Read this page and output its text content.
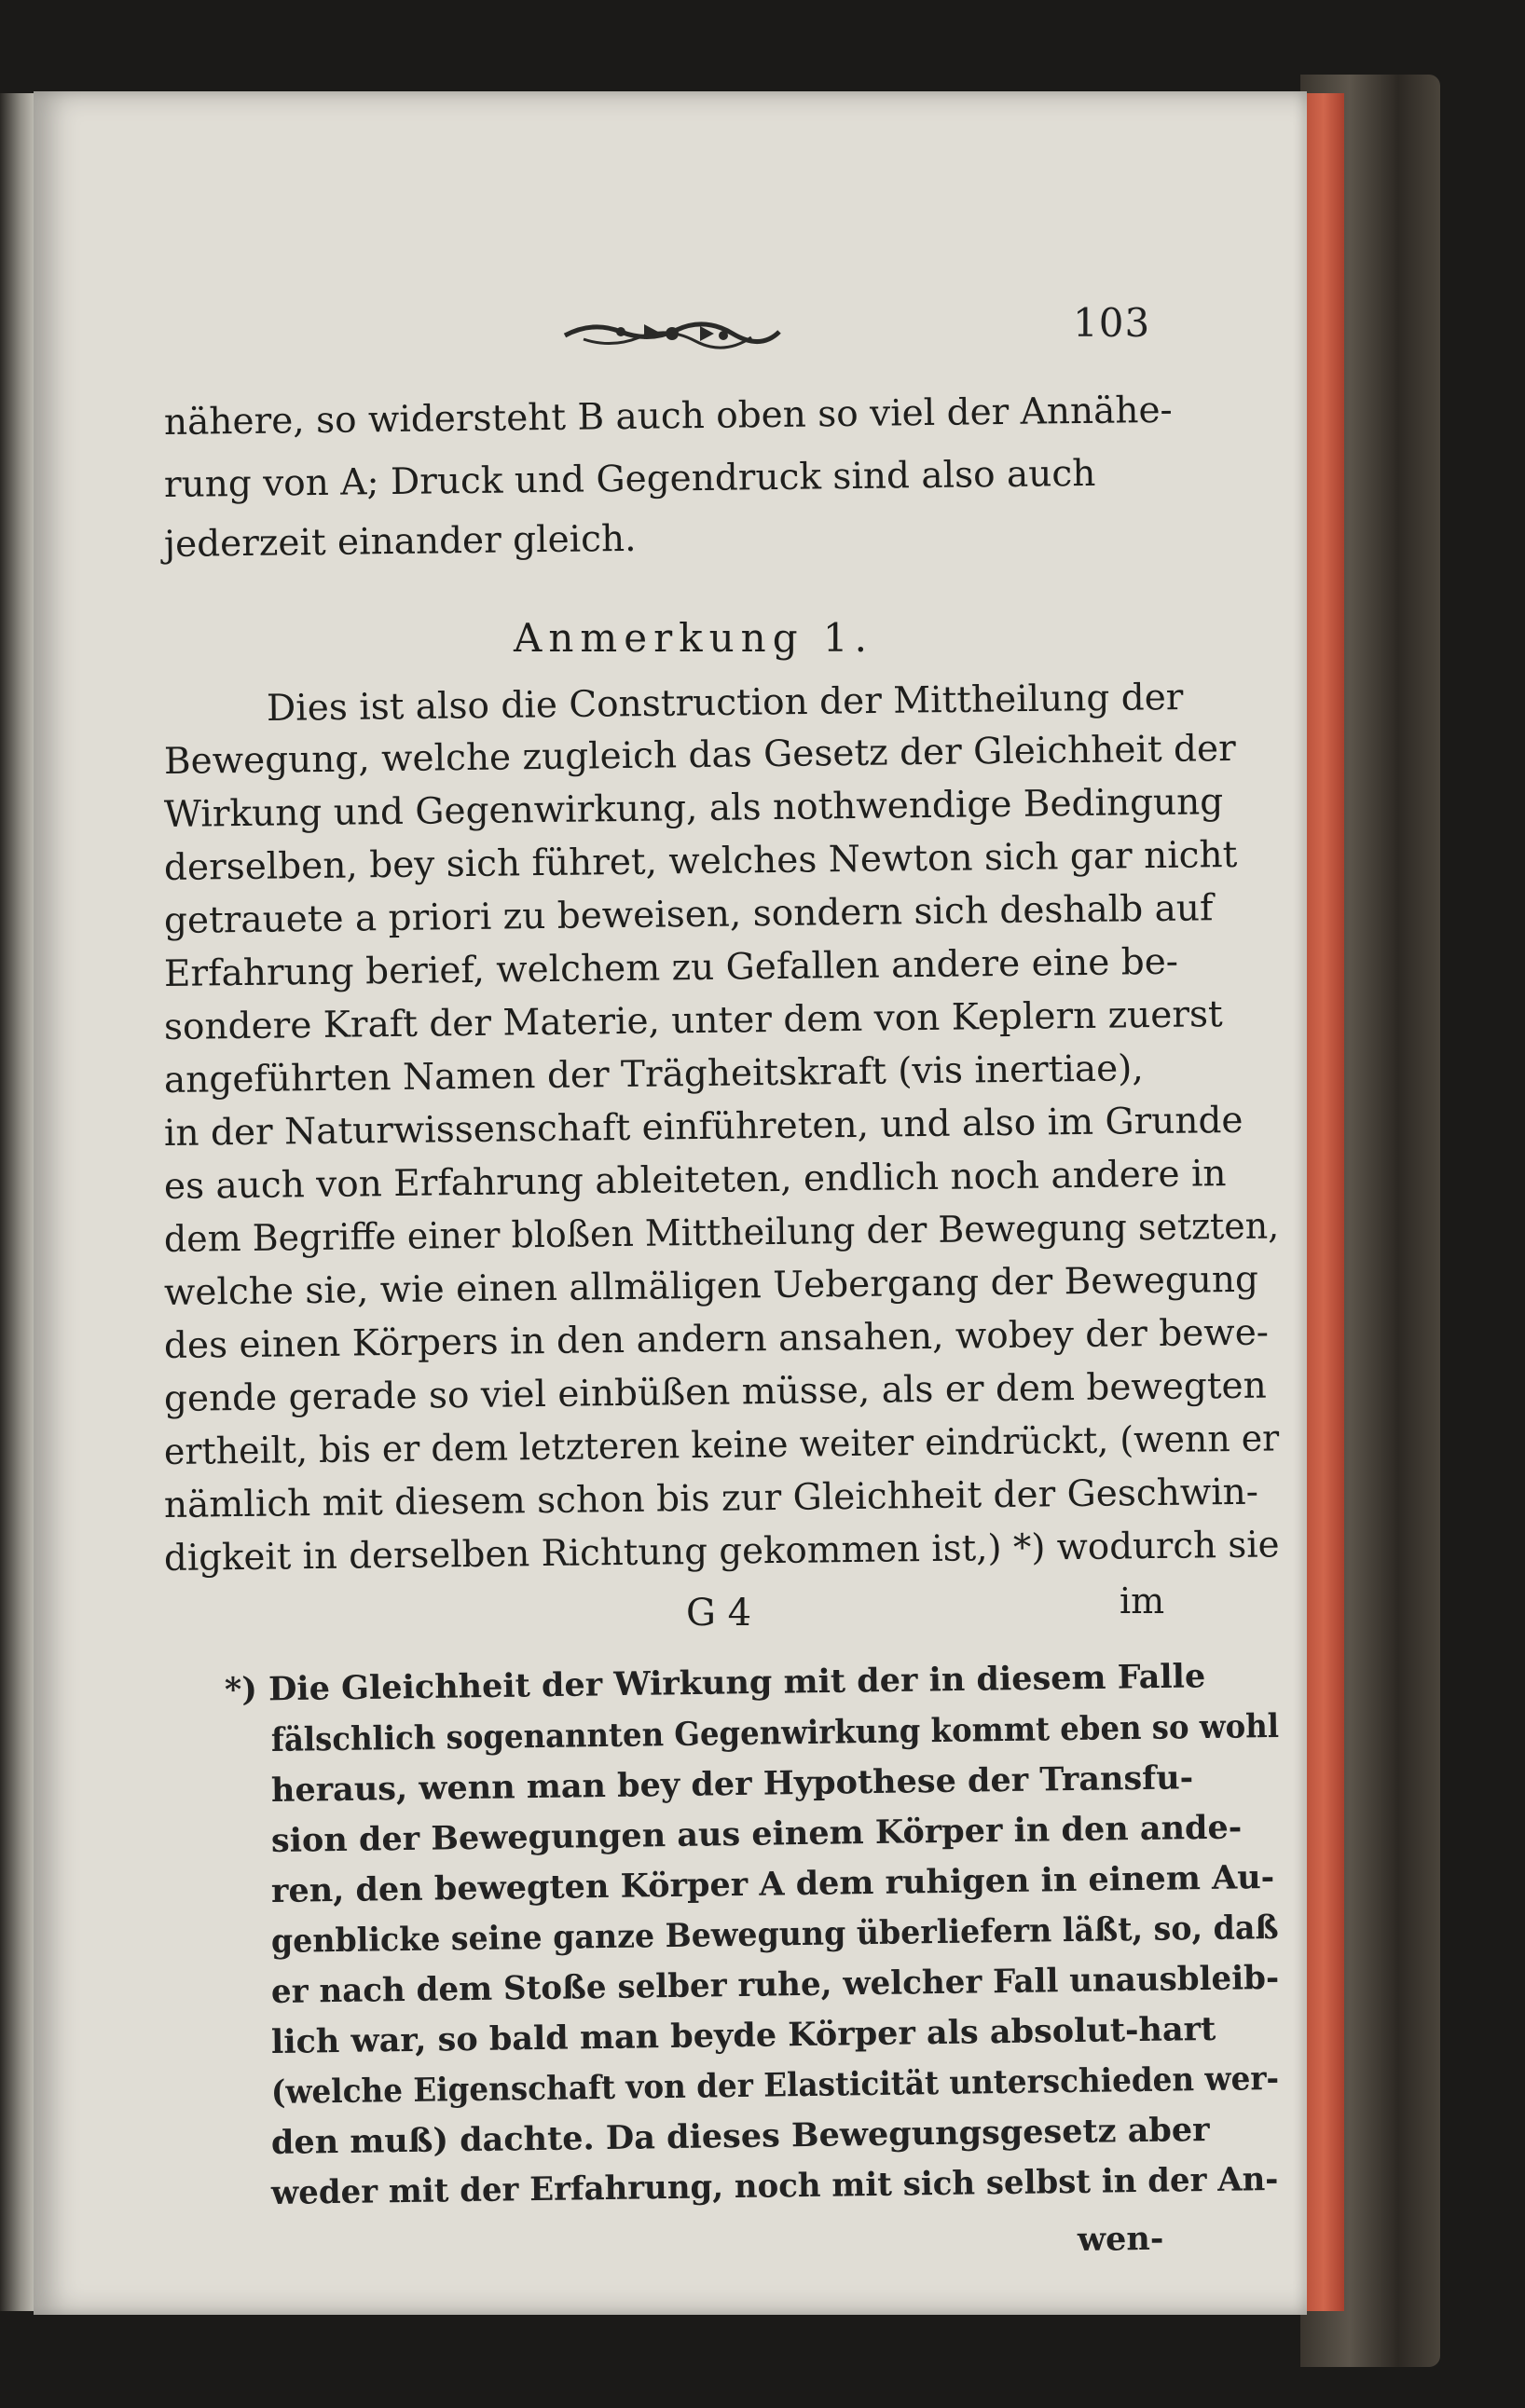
103
nähere, so widersteht B auch oben so viel der Annähe-
rung von A; Druck und Gegendruck sind also auch
jederzeit einander gleich.
Anmerkung 1.
Dies ist also die Construction der Mittheilung der
Bewegung, welche zugleich das Gesetz der Gleichheit der
Wirkung und Gegenwirkung, als nothwendige Bedingung
derselben, bey sich führet, welches Newton sich gar nicht
getrauete a priori zu beweisen, sondern sich deshalb auf
Erfahrung berief, welchem zu Gefallen andere eine be-
sondere Kraft der Materie, unter dem von Keplern zuerst
angeführten Namen der Trägheitskraft (vis inertiae),
in der Naturwissenschaft einführeten, und also im Grunde
es auch von Erfahrung ableiteten, endlich noch andere in
dem Begriffe einer bloßen Mittheilung der Bewegung setzten,
welche sie, wie einen allmäligen Uebergang der Bewegung
des einen Körpers in den andern ansahen, wobey der bewe-
gende gerade so viel einbüßen müsse, als er dem bewegten
ertheilt, bis er dem letzteren keine weiter eindrückt, (wenn er
nämlich mit diesem schon bis zur Gleichheit der Geschwin-
digkeit in derselben Richtung gekommen ist,) *) wodurch sie
G 4	im
*) Die Gleichheit der Wirkung mit der in diesem Falle
fälschlich sogenannten Gegenwirkung kommt eben so wohl
heraus, wenn man bey der Hypothese der Transfu-
sion der Bewegungen aus einem Körper in den ande-
ren, den bewegten Körper A dem ruhigen in einem Au-
genblicke seine ganze Bewegung überliefern läßt, so, daß
er nach dem Stoße selber ruhe, welcher Fall unausbleib-
lich war, so bald man beyde Körper als absolut-hart
(welche Eigenschaft von der Elasticität unterschieden wer-
den muß) dachte. Da dieses Bewegungsgesetz aber
weder mit der Erfahrung, noch mit sich selbst in der An-
wen-
